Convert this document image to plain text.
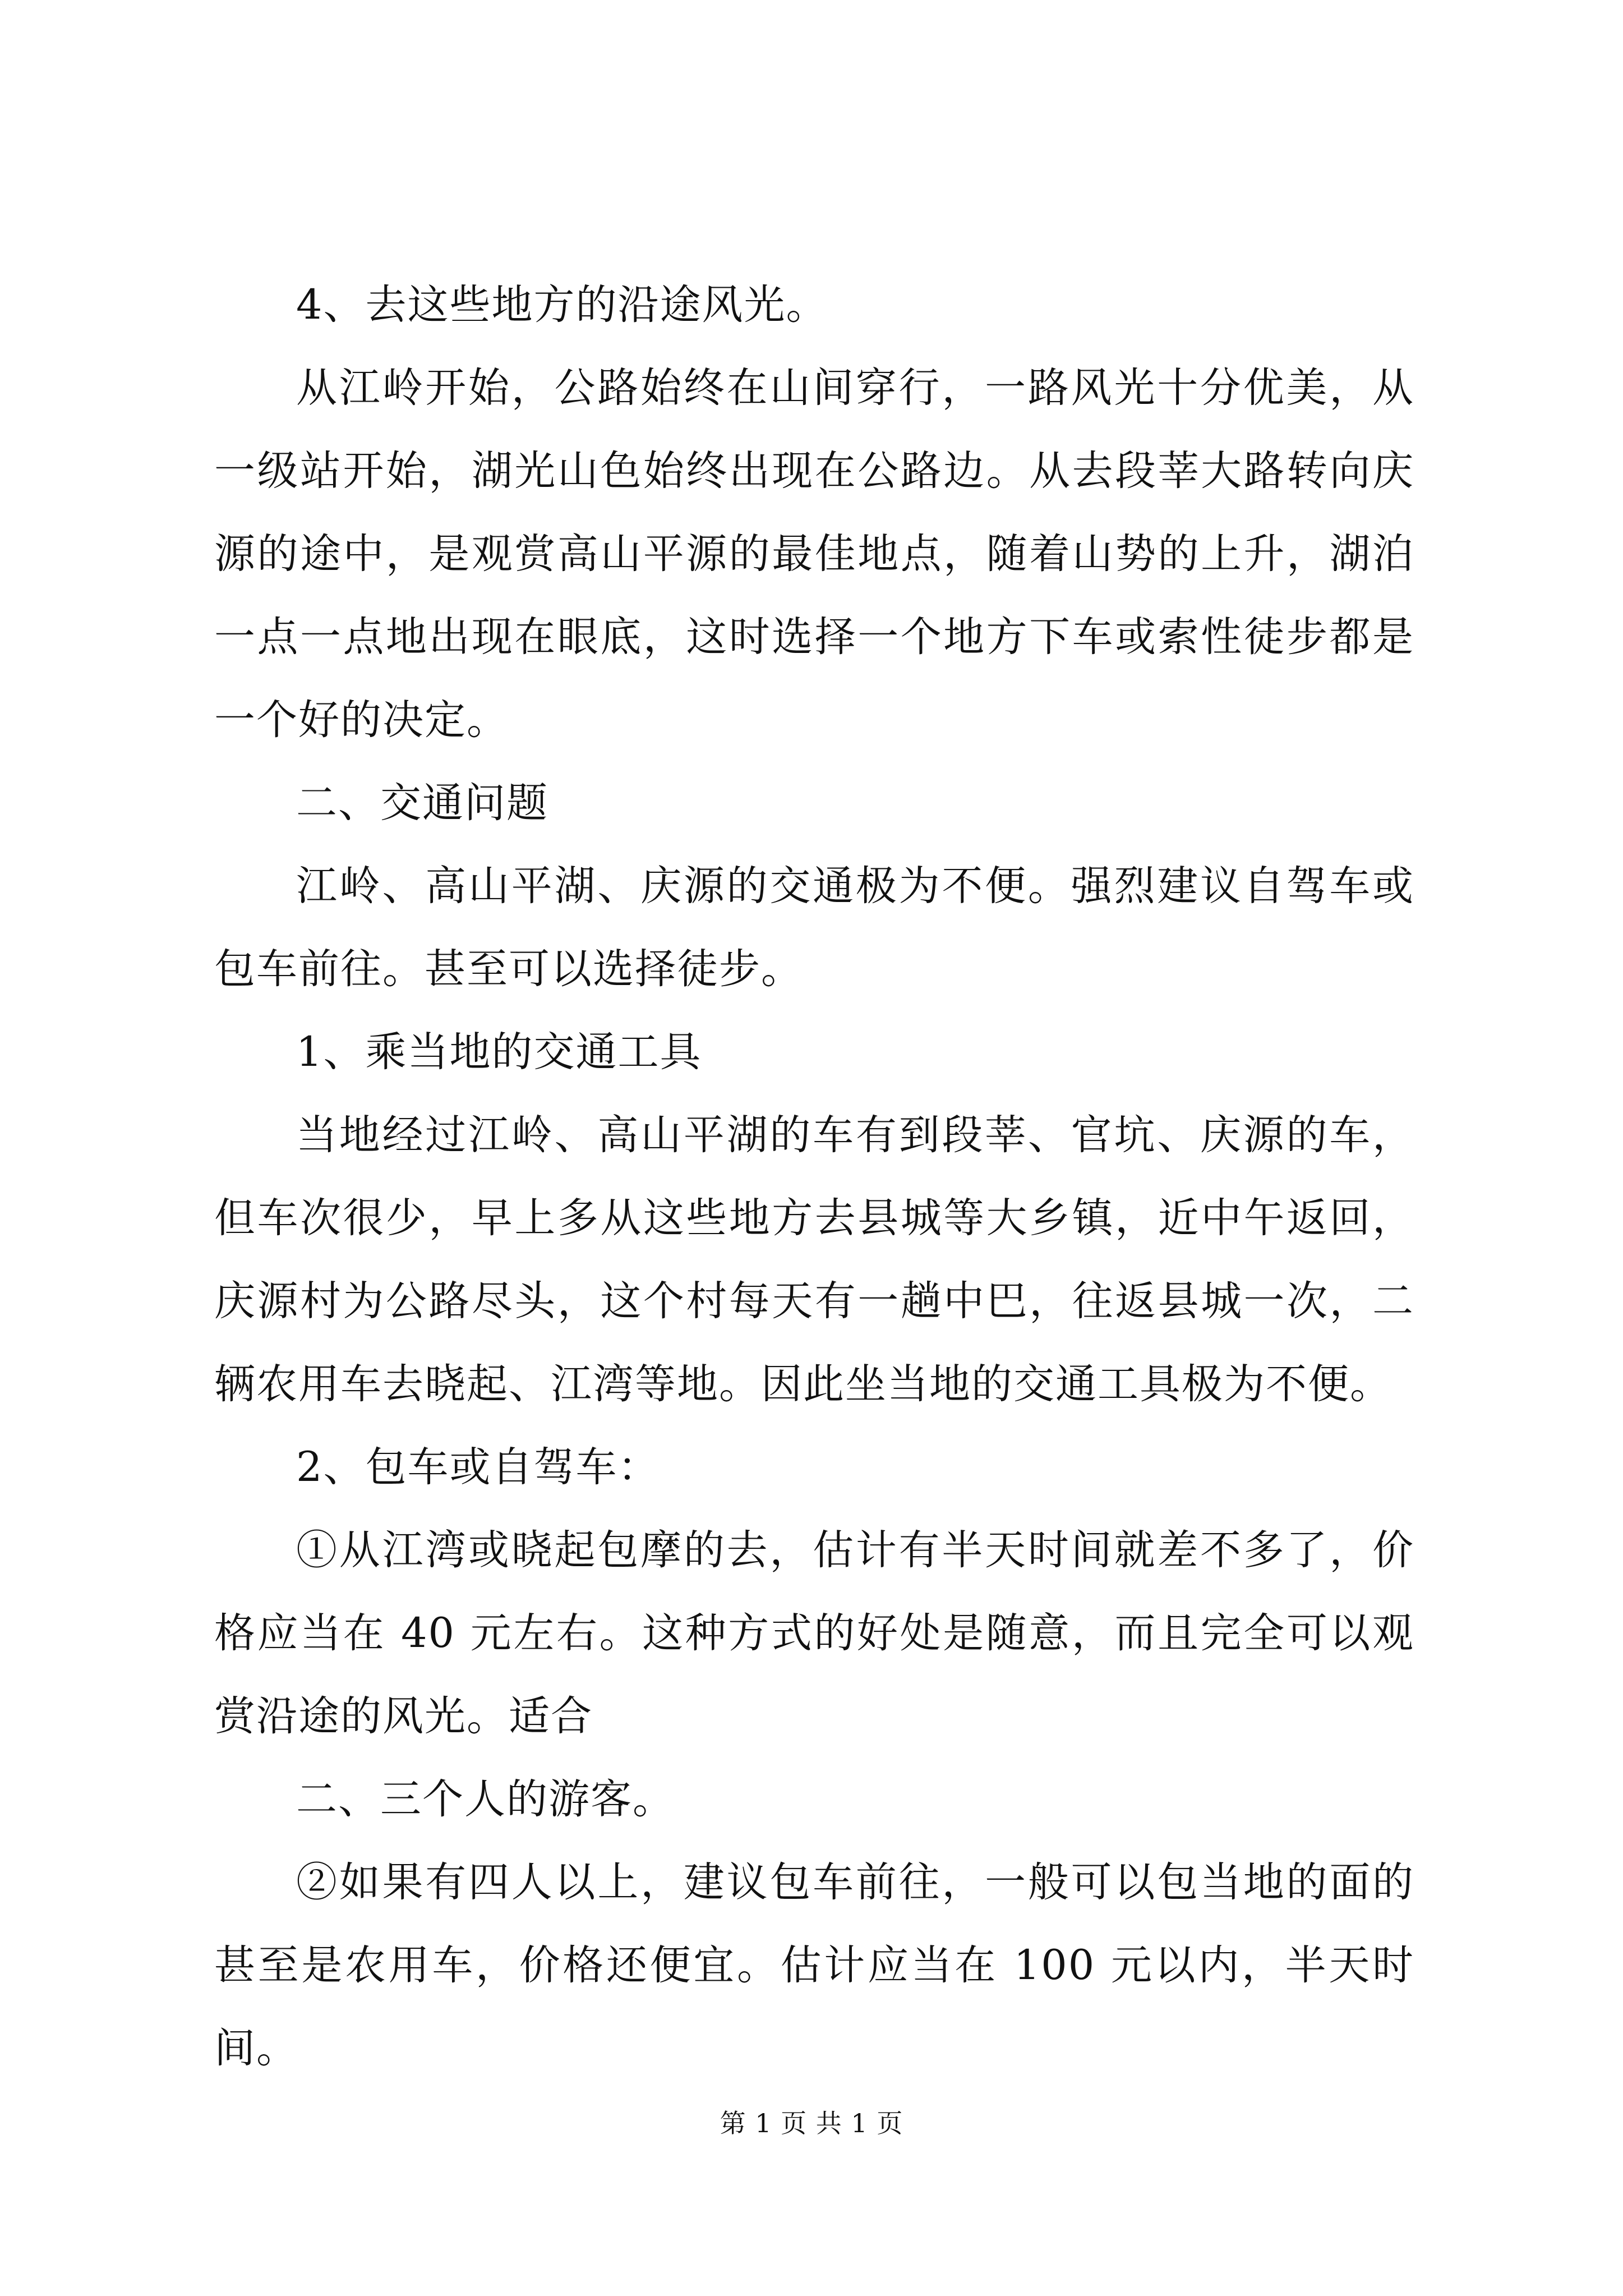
4、去这些地方的沿途风光。

从江岭开始，公路始终在山间穿行，一路风光十分优美，从一级站开始，湖光山色始终出现在公路边。从去段莘大路转向庆源的途中，是观赏高山平源的最佳地点，随着山势的上升，湖泊一点一点地出现在眼底，这时选择一个地方下车或索性徒步都是一个好的决定。

二、交通问题

江岭、高山平湖、庆源的交通极为不便。强烈建议自驾车或包车前往。甚至可以选择徒步。

1、乘当地的交通工具

当地经过江岭、高山平湖的车有到段莘、官坑、庆源的车，但车次很少，早上多从这些地方去县城等大乡镇，近中午返回，庆源村为公路尽头，这个村每天有一趟中巴，往返县城一次，二辆农用车去晓起、江湾等地。因此坐当地的交通工具极为不便。

2、包车或自驾车：

①从江湾或晓起包摩的去，估计有半天时间就差不多了，价格应当在 40 元左右。这种方式的好处是随意，而且完全可以观赏沿途的风光。适合

二、三个人的游客。

②如果有四人以上，建议包车前往，一般可以包当地的面的甚至是农用车，价格还便宜。估计应当在 100 元以内，半天时间。

第 1 页 共 1 页
